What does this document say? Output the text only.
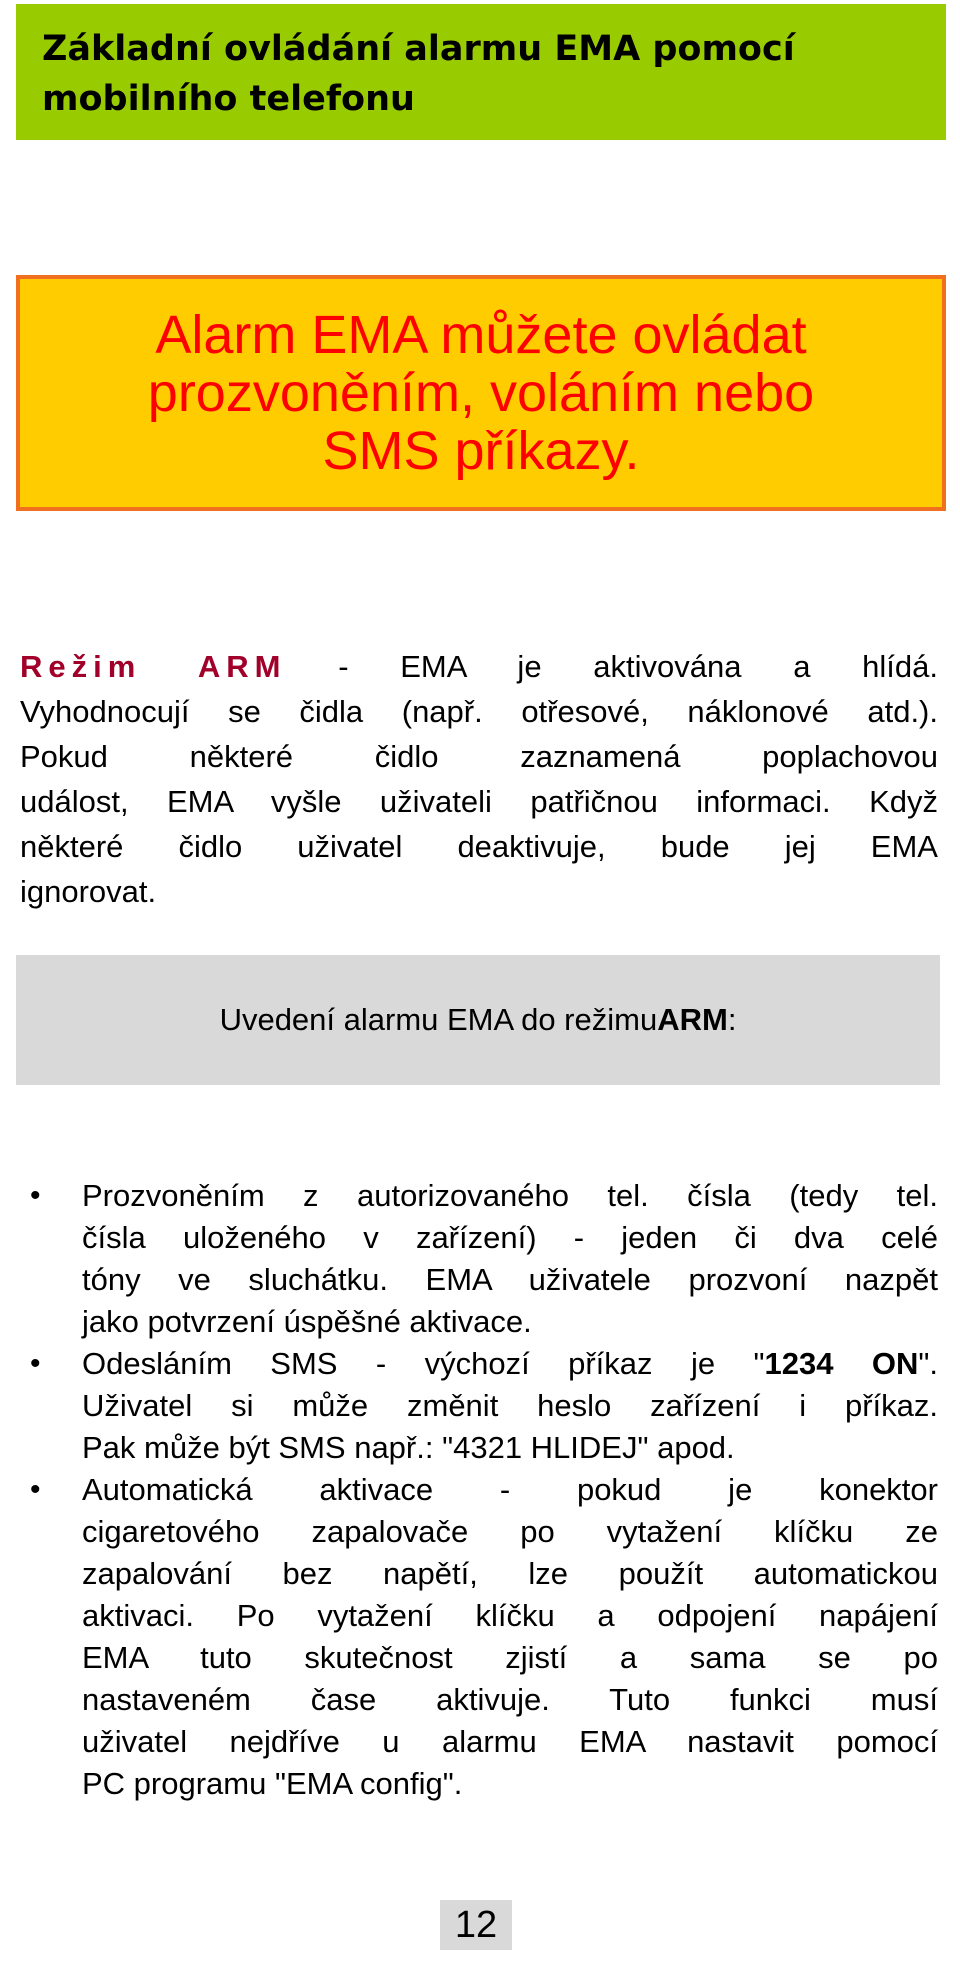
Základní ovládání alarmu EMA pomocí
mobilního telefonu

Alarm EMA můžete ovládat
prozvoněním, voláním nebo
SMS příkazy.

Režim ARM - EMA je aktivována a hlídá.
Vyhodnocují se čidla (např. otřesové, náklonové atd.).
Pokud některé čidlo zaznamená poplachovou
událost, EMA vyšle uživateli patřičnou informaci. Když
některé čidlo uživatel deaktivuje, bude jej EMA
ignorovat.
Uvedení alarmu EMA do režimu ARM :
• Prozvoněním z autorizovaného tel. čísla (tedy tel.
čísla uloženého v zařízení) - jeden či dva celé
tóny ve sluchátku. EMA uživatele prozvoní nazpět
jako potvrzení úspěšné aktivace.
• Odesláním SMS - výchozí příkaz je "1234 ON".
Uživatel si může změnit heslo zařízení i příkaz.
Pak může být SMS např.: "4321 HLIDEJ" apod.
• Automatická aktivace - pokud je konektor
cigaretového zapalovače po vytažení klíčku ze
zapalování bez napětí, lze použít automatickou
aktivaci. Po vytažení klíčku a odpojení napájení
EMA tuto skutečnost zjistí a sama se po
nastaveném čase aktivuje. Tuto funkci musí
uživatel nejdříve u alarmu EMA nastavit pomocí
PC programu "EMA config".
12
